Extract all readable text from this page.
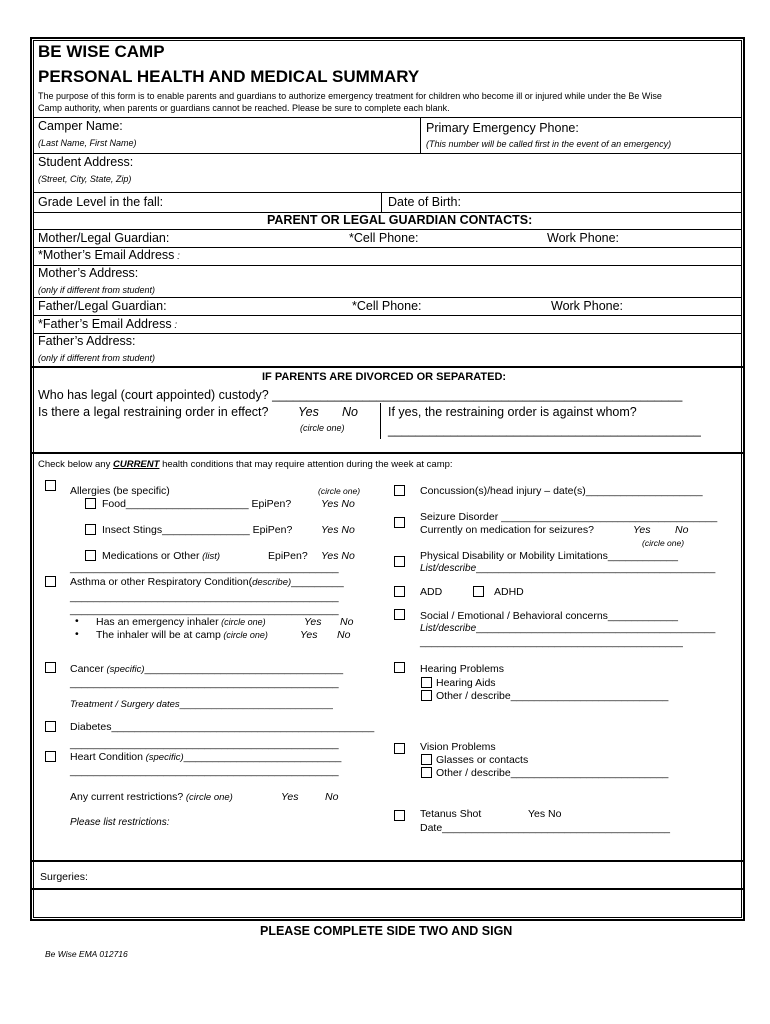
BE WISE CAMP
PERSONAL HEALTH AND MEDICAL SUMMARY
The purpose of this form is to enable parents and guardians to authorize emergency treatment for children who become ill or injured while under the Be Wise
Camp authority, when parents or guardians cannot be reached. Please be sure to complete each blank.
Camper Name:
(Last Name, First Name)
Primary Emergency Phone:
(This number will be called first in the event of an emergency)
Student Address:
(Street, City, State, Zip)
Grade Level in the fall:	Date of Birth:
PARENT OR LEGAL GUARDIAN CONTACTS:
Mother/Legal Guardian:	*Cell Phone:	Work Phone:
*Mother’s Email Address :
Mother’s Address:
(only if different from student)
Father/Legal Guardian:	*Cell Phone:	Work Phone:
*Father’s Email Address :
Father’s Address:
(only if different from student)
IF PARENTS ARE DIVORCED OR SEPARATED:
Who has legal (court appointed) custody? ___________________________________________________________
Is there a legal restraining order in effect? Yes No
(circle one)
If yes, the restraining order is against whom?
_____________________________________________
Check below any CURRENT health conditions that may require attention during the week at camp:
Allergies (be specific)	(circle one)
Food_____________________ EpiPen?	Yes No
Insect Stings_______________ EpiPen?	Yes No
Medications or Other (list)	EpiPen? Yes No
______________________________________________
Asthma or other Respiratory Condition(describe)_________
______________________________________________
______________________________________________
• Has an emergency inhaler (circle one)	Yes No
• The inhaler will be at camp (circle one)	Yes No
Cancer (specific)__________________________________
______________________________________________
Treatment / Surgery dates_____________________________
Diabetes_____________________________________________
______________________________________________
Heart Condition (specific)___________________________
______________________________________________
Any current restrictions? (circle one)	Yes	No
Please list restrictions:
Concussion(s)/head injury – date(s)____________________
Seizure Disorder _____________________________________
Currently on medication for seizures?	Yes No
(circle one)
Physical Disability or Mobility Limitations____________
List/describe___________________________________________
ADD	ADHD
Social / Emotional / Behavioral concerns____________
List/describe___________________________________________
_____________________________________________
Hearing Problems
Hearing Aids
Other / describe___________________________
Vision Problems
Glasses or contacts
Other / describe___________________________
Tetanus Shot	Yes No
Date_______________________________________
Surgeries:
PLEASE COMPLETE SIDE TWO AND SIGN
Be Wise EMA 012716
